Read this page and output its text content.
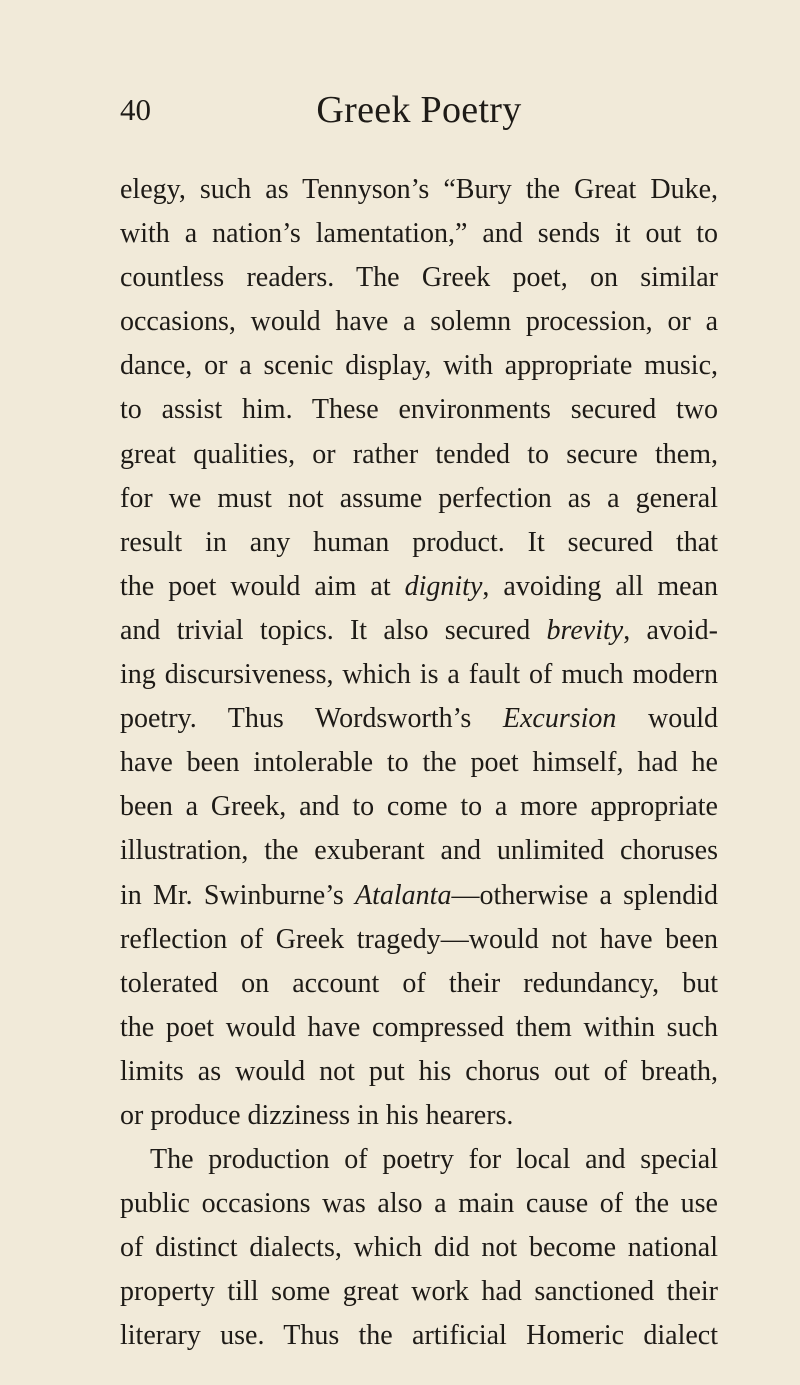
40	Greek Poetry
elegy, such as Tennyson’s “Bury the Great Duke,
with a nation’s lamentation,” and sends it out to
countless readers. The Greek poet, on similar
occasions, would have a solemn procession, or a
dance, or a scenic display, with appropriate music,
to assist him. These environments secured two
great qualities, or rather tended to secure them,
for we must not assume perfection as a general
result in any human product. It secured that
the poet would aim at dignity, avoiding all mean
and trivial topics. It also secured brevity, avoid-
ing discursiveness, which is a fault of much modern
poetry. Thus Wordsworth’s Excursion would
have been intolerable to the poet himself, had he
been a Greek, and to come to a more appropriate
illustration, the exuberant and unlimited choruses
in Mr. Swinburne’s Atalanta—otherwise a splendid
reflection of Greek tragedy—would not have been
tolerated on account of their redundancy, but
the poet would have compressed them within such
limits as would not put his chorus out of breath,
or produce dizziness in his hearers.
The production of poetry for local and special
public occasions was also a main cause of the use
of distinct dialects, which did not become national
property till some great work had sanctioned their
literary use. Thus the artificial Homeric dialect
